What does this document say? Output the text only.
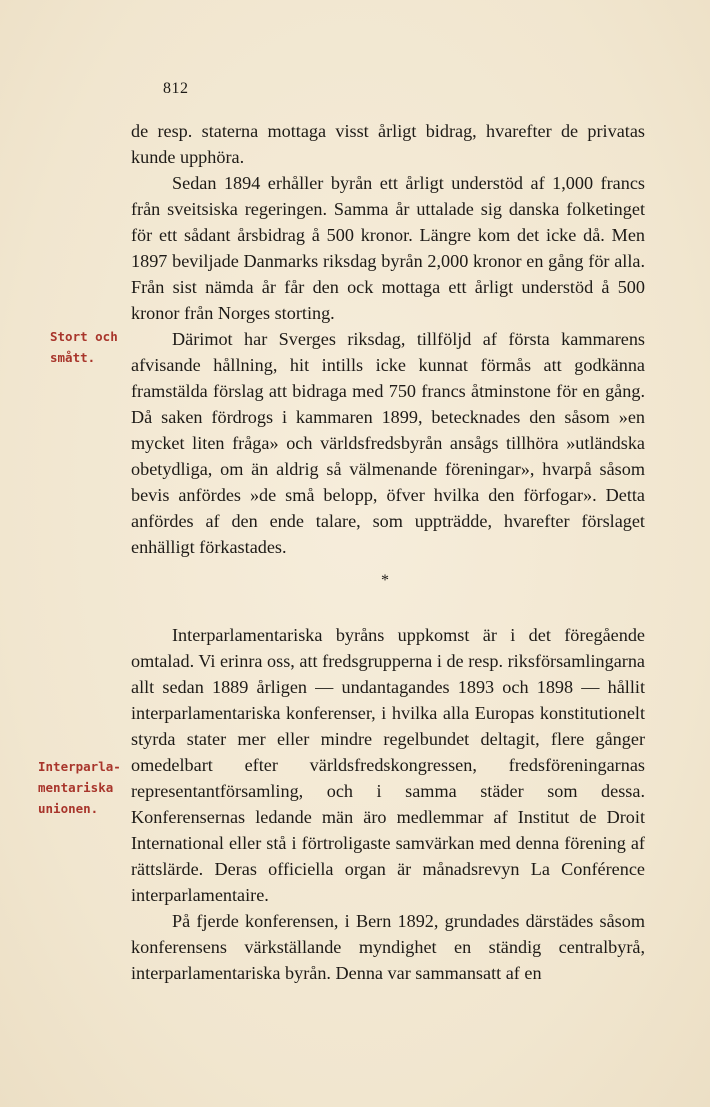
812
Stort och
smått.

de resp. staterna mottaga visst årligt bidrag, hvarefter de privatas kunde upphöra.

Sedan 1894 erhåller byrån ett årligt understöd af 1,000 francs från sveitsiska regeringen. Samma år uttalade sig danska folketinget för ett sådant årsbidrag å 500 kronor. Längre kom det icke då. Men 1897 beviljade Danmarks riksdag byrån 2,000 kronor en gång för alla. Från sist nämda år får den ock mottaga ett årligt understöd å 500 kronor från Norges storting.

Därimot har Sverges riksdag, tillföljd af första kammarens afvisande hållning, hit intills icke kunnat förmås att godkänna framstälda förslag att bidraga med 750 francs åtminstone för en gång. Då saken fördrogs i kammaren 1899, betecknades den såsom »en mycket liten fråga» och världsfredsbyrån ansågs tillhöra »utländska obetydliga, om än aldrig så välmenande föreningar», hvarpå såsom bevis anfördes »de små belopp, öfver hvilka den förfogar». Detta anfördes af den ende talare, som uppträdde, hvarefter förslaget enhälligt förkastades.

*
Interparla-
mentariska
unionen.

Interparlamentariska byråns uppkomst är i det föregående omtalad. Vi erinra oss, att fredsgrupperna i de resp. riksförsamlingarna allt sedan 1889 årligen — undantagandes 1893 och 1898 — hållit interparlamentariska konferenser, i hvilka alla Europas konstitutionelt styrda stater mer eller mindre regelbundet deltagit, flere gånger omedelbart efter världsfredskongressen, fredsföreningarnas representantförsamling, och i samma städer som dessa. Konferensernas ledande män äro medlemmar af Institut de Droit International eller stå i förtroligaste samvärkan med denna förening af rättslärde. Deras officiella organ är månadsrevyn La Conférence interparlamentaire.

På fjerde konferensen, i Bern 1892, grundades därstädes såsom konferensens värkställande myndighet en ständig centralbyrå, interparlamentariska byrån. Denna var sammansatt af en
